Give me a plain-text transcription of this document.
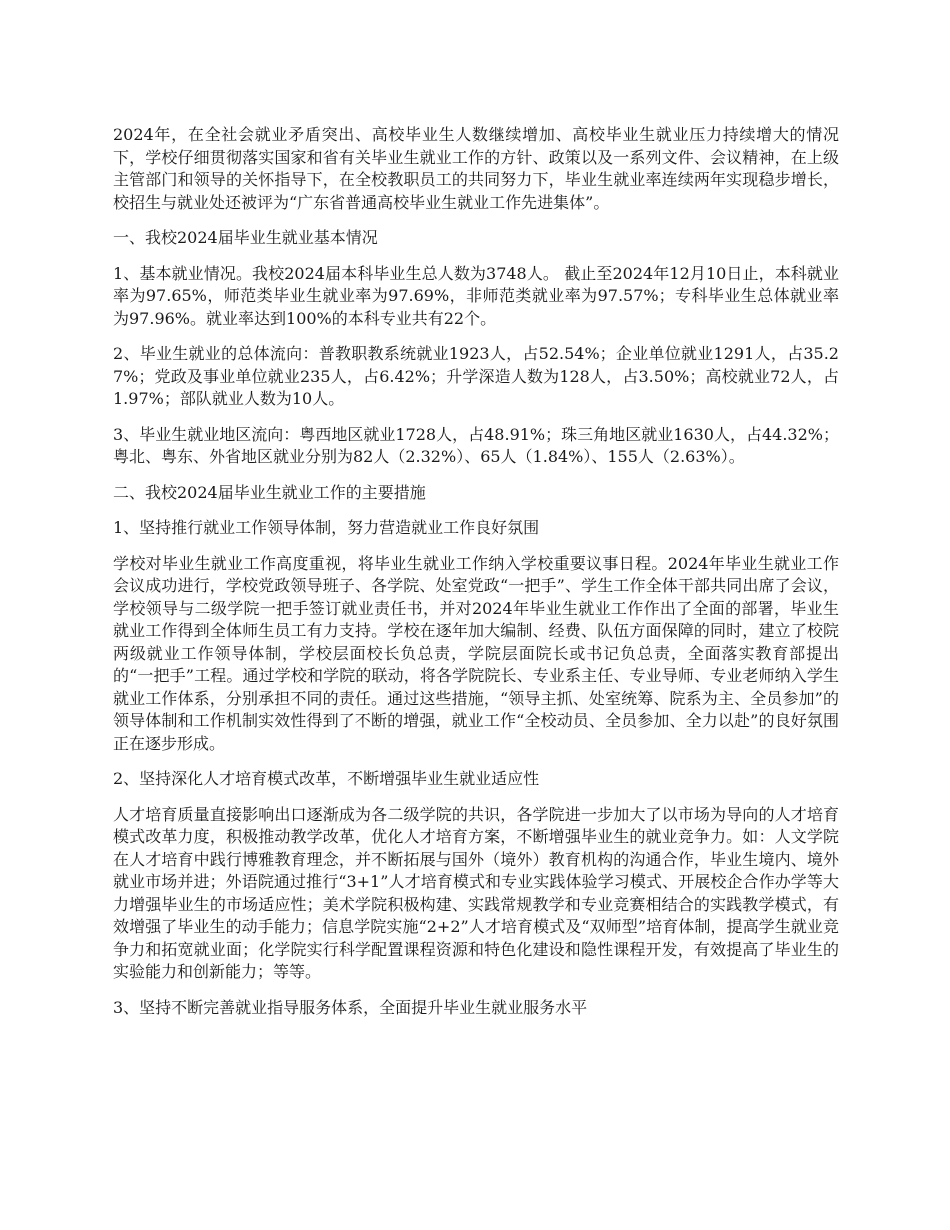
2024年，在全社会就业矛盾突出、高校毕业生人数继续增加、高校毕业生就业压力持续增大的情况下，学校仔细贯彻落实国家和省有关毕业生就业工作的方针、政策以及一系列文件、会议精神，在上级主管部门和领导的关怀指导下，在全校教职员工的共同努力下，毕业生就业率连续两年实现稳步增长，校招生与就业处还被评为“广东省普通高校毕业生就业工作先进集体”。

一、我校2024届毕业生就业基本情况

1、基本就业情况。我校2024届本科毕业生总人数为3748人。 截止至2024年12月10日止，本科就业率为97.65%，师范类毕业生就业率为97.69%，非师范类就业率为97.57%；专科毕业生总体就业率为97.96%。就业率达到100%的本科专业共有22个。

2、毕业生就业的总体流向：普教职教系统就业1923人，占52.54%；企业单位就业1291人，占35.27%；党政及事业单位就业235人，占6.42%；升学深造人数为128人，占3.50%；高校就业72人，占1.97%；部队就业人数为10人。

3、毕业生就业地区流向：粤西地区就业1728人，占48.91%；珠三角地区就业1630人，占44.32%；粤北、粤东、外省地区就业分别为82人（2.32%）、65人（1.84%）、155人（2.63%）。

二、我校2024届毕业生就业工作的主要措施

1、坚持推行就业工作领导体制，努力营造就业工作良好氛围

学校对毕业生就业工作高度重视，将毕业生就业工作纳入学校重要议事日程。2024年毕业生就业工作会议成功进行，学校党政领导班子、各学院、处室党政“一把手”、学生工作全体干部共同出席了会议，学校领导与二级学院一把手签订就业责任书，并对2024年毕业生就业工作作出了全面的部署，毕业生就业工作得到全体师生员工有力支持。学校在逐年加大编制、经费、队伍方面保障的同时，建立了校院两级就业工作领导体制，学校层面校长负总责，学院层面院长或书记负总责，全面落实教育部提出的“一把手”工程。通过学校和学院的联动，将各学院院长、专业系主任、专业导师、专业老师纳入学生就业工作体系，分别承担不同的责任。通过这些措施，“领导主抓、处室统筹、院系为主、全员参加”的领导体制和工作机制实效性得到了不断的增强，就业工作“全校动员、全员参加、全力以赴”的良好氛围正在逐步形成。

2、坚持深化人才培育模式改革，不断增强毕业生就业适应性

人才培育质量直接影响出口逐渐成为各二级学院的共识，各学院进一步加大了以市场为导向的人才培育模式改革力度，积极推动教学改革，优化人才培育方案，不断增强毕业生的就业竞争力。如：人文学院在人才培育中践行博雅教育理念，并不断拓展与国外（境外）教育机构的沟通合作，毕业生境内、境外就业市场并进；外语院通过推行“3+1”人才培育模式和专业实践体验学习模式、开展校企合作办学等大力增强毕业生的市场适应性；美术学院积极构建、实践常规教学和专业竞赛相结合的实践教学模式，有效增强了毕业生的动手能力；信息学院实施“2+2”人才培育模式及“双师型”培育体制，提高学生就业竞争力和拓宽就业面；化学院实行科学配置课程资源和特色化建设和隐性课程开发，有效提高了毕业生的实验能力和创新能力；等等。

3、坚持不断完善就业指导服务体系，全面提升毕业生就业服务水平
